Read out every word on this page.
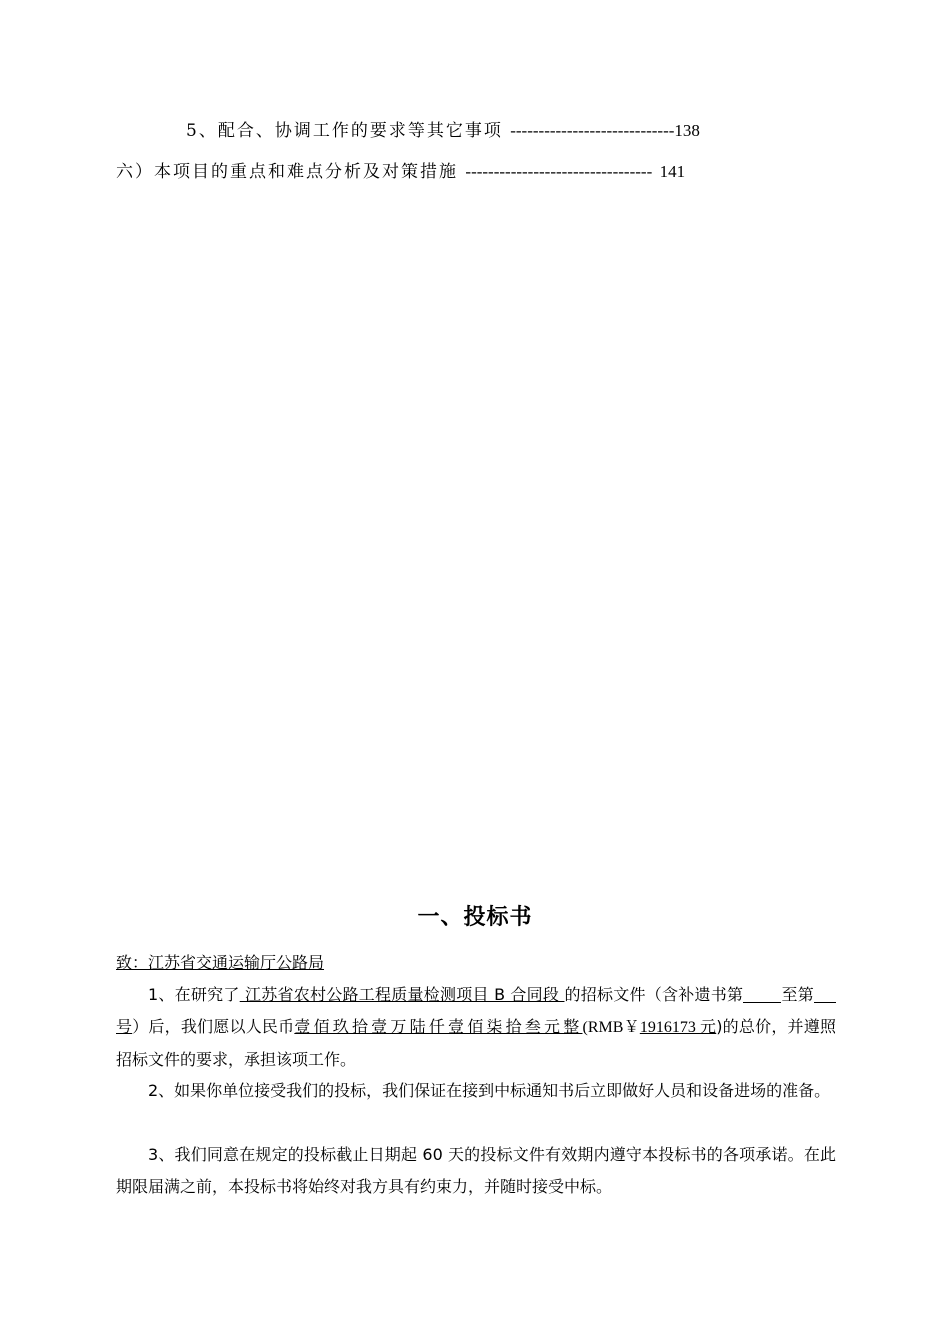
5、配合、协调工作的要求等其它事项 -----------------------------138
六）本项目的重点和难点分析及对策措施 --------------------------------- 141
一、投标书
致：江苏省交通运输厅公路局
1、在研究了 江苏省农村公路工程质量检测项目 B 合同段 的招标文件（含补遗书第 至第号）后，我们愿以人民币壹佰玖拾壹万陆仟壹佰柒拾叁元整(RMB￥1916173 元)的总价，并遵照招标文件的要求，承担该项工作。
2、如果你单位接受我们的投标，我们保证在接到中标通知书后立即做好人员和设备进场的准备。
3、我们同意在规定的投标截止日期起 60 天的投标文件有效期内遵守本投标书的各项承诺。在此期限届满之前，本投标书将始终对我方具有约束力，并随时接受中标。
